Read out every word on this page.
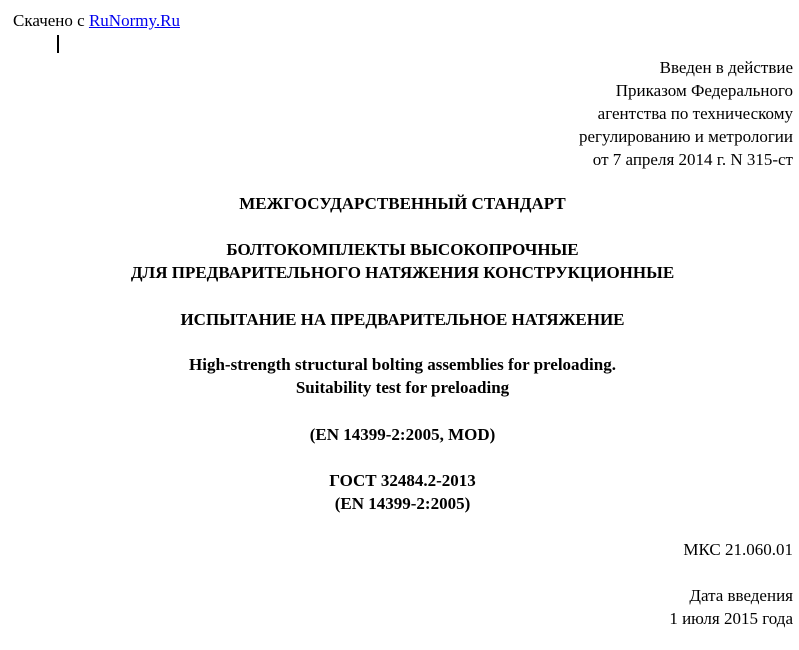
Скачено с RuNormy.Ru
Введен в действие
Приказом Федерального
агентства по техническому
регулированию и метрологии
от 7 апреля 2014 г. N 315-ст
МЕЖГОСУДАРСТВЕННЫЙ СТАНДАРТ
БОЛТОКОМПЛЕКТЫ ВЫСОКОПРОЧНЫЕ
ДЛЯ ПРЕДВАРИТЕЛЬНОГО НАТЯЖЕНИЯ КОНСТРУКЦИОННЫЕ
ИСПЫТАНИЕ НА ПРЕДВАРИТЕЛЬНОЕ НАТЯЖЕНИЕ
High-strength structural bolting assemblies for preloading.
Suitability test for preloading
(EN 14399-2:2005, MOD)
ГОСТ 32484.2-2013
(EN 14399-2:2005)
МКС 21.060.01
Дата введения
1 июля 2015 года
